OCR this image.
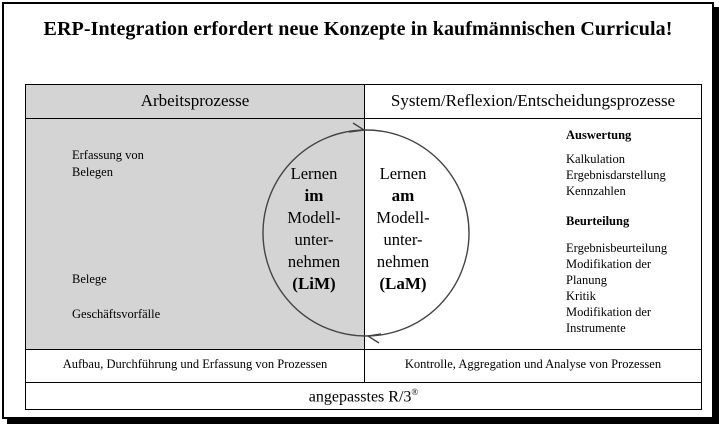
ERP-Integration erfordert neue Konzepte in kaufmännischen Curricula!
Arbeitsprozesse	System/Reflexion/Entscheidungsprozesse
Erfassung von
Belegen
Belege
Geschäftsvorfälle
Lernen
im
Modell-
unter-
nehmen
(LiM)
Lernen
am
Modell-
unter-
nehmen
(LaM)
Auswertung
Kalkulation
Ergebnisdarstellung
Kennzahlen
Beurteilung
Ergebnisbeurteilung
Modifikation der
Planung
Kritik
Modifikation der
Instrumente
Aufbau, Durchführung und Erfassung von Prozessen	Kontrolle, Aggregation und Analyse von Prozessen
angepasstes R/3®
